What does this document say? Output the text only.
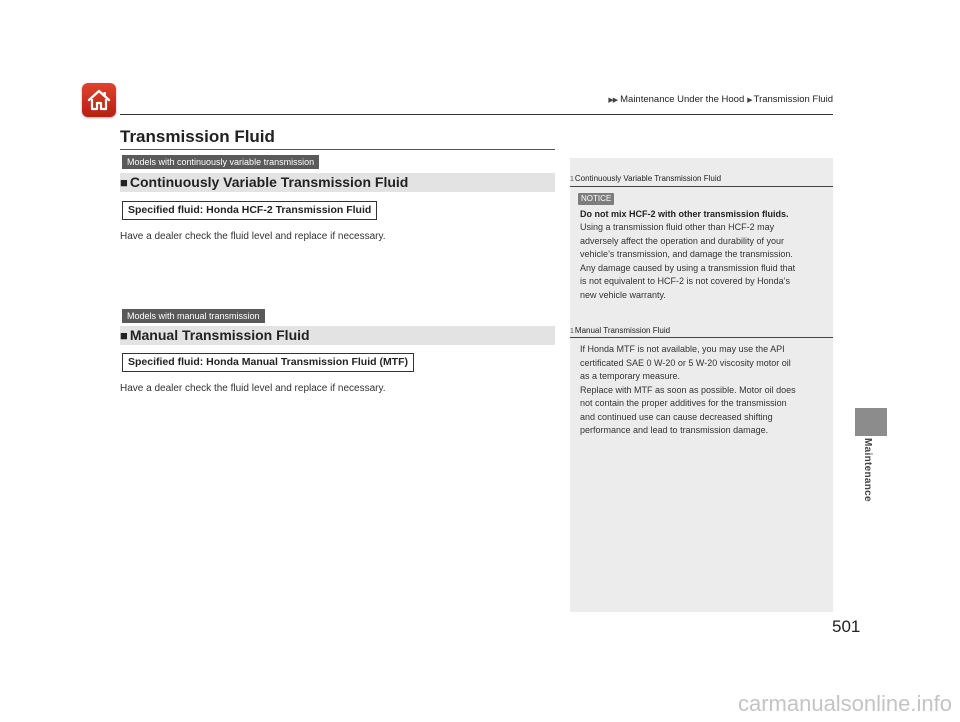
▶▶ Maintenance Under the Hood ▶ Transmission Fluid
Transmission Fluid
Models with continuously variable transmission
■ Continuously Variable Transmission Fluid
Specified fluid: Honda HCF-2 Transmission Fluid
Have a dealer check the fluid level and replace if necessary.
Models with manual transmission
■ Manual Transmission Fluid
Specified fluid: Honda Manual Transmission Fluid (MTF)
Have a dealer check the fluid level and replace if necessary.
1Continuously Variable Transmission Fluid
NOTICE
Do not mix HCF-2 with other transmission fluids.
Using a transmission fluid other than HCF-2 may
adversely affect the operation and durability of your
vehicle’s transmission, and damage the transmission.
Any damage caused by using a transmission fluid that
is not equivalent to HCF-2 is not covered by Honda’s
new vehicle warranty.
1Manual Transmission Fluid
If Honda MTF is not available, you may use the API
certificated SAE 0 W-20 or 5 W-20 viscosity motor oil
as a temporary measure.
Replace with MTF as soon as possible. Motor oil does
not contain the proper additives for the transmission
and continued use can cause decreased shifting
performance and lead to transmission damage.
Maintenance
501
carmanualsonline.info
